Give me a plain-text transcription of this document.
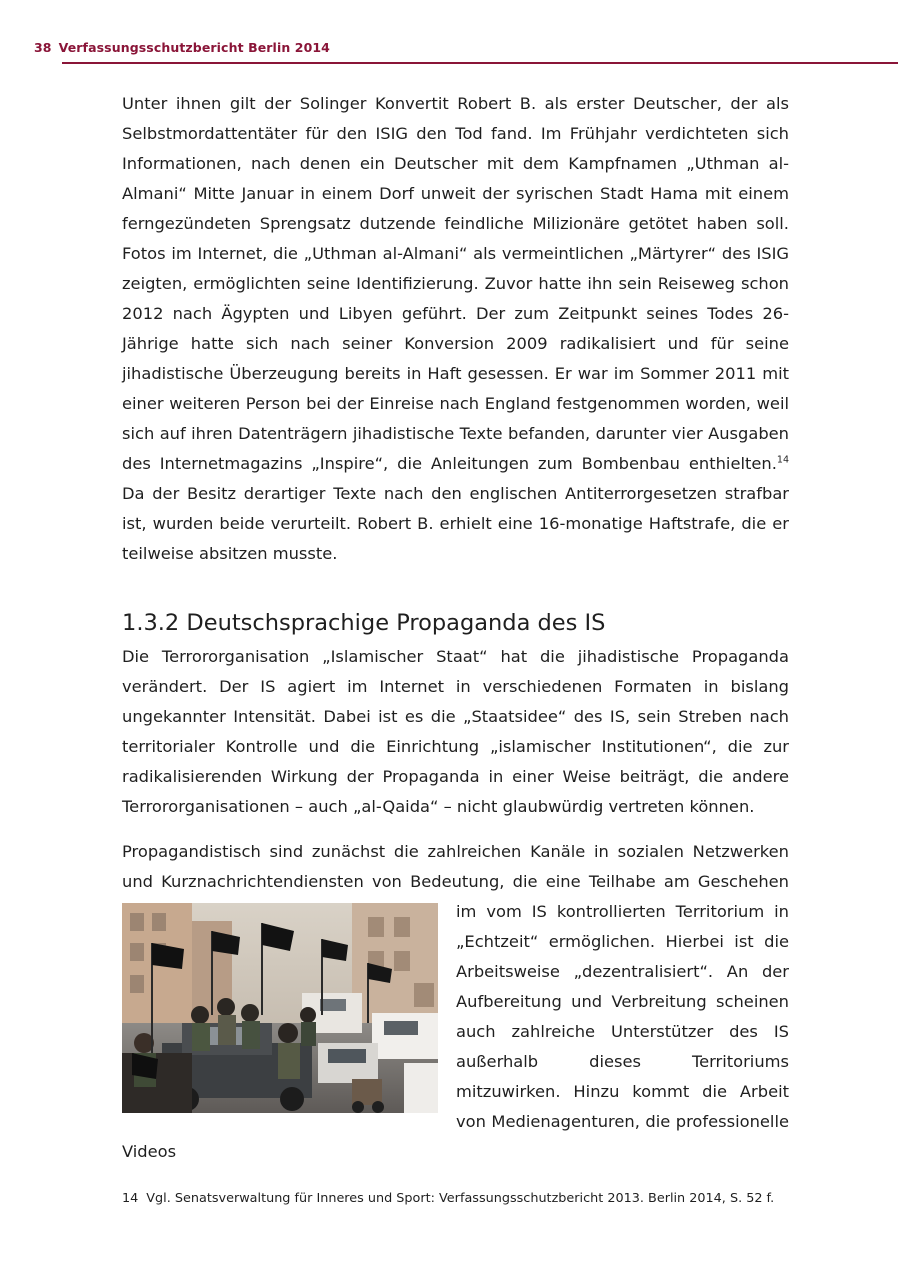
38 Verfassungsschutzbericht Berlin 2014

Unter ihnen gilt der Solinger Konvertit Robert B. als erster Deutscher, der als Selbstmordattentäter für den ISIG den Tod fand. Im Frühjahr verdichteten sich Informationen, nach denen ein Deutscher mit dem Kampfnamen „Uthman al-Almani“ Mitte Januar in einem Dorf unweit der syrischen Stadt Hama mit einem ferngezündeten Sprengsatz dutzende feindliche Milizionäre getötet haben soll. Fotos im Internet, die „Uthman al-Almani“ als vermeintlichen „Märtyrer“ des ISIG zeigten, ermöglichten seine Identifizierung. Zuvor hatte ihn sein Reiseweg schon 2012 nach Ägypten und Libyen geführt. Der zum Zeitpunkt seines Todes 26-Jährige hatte sich nach seiner Konversion 2009 radikalisiert und für seine jihadistische Überzeugung bereits in Haft gesessen. Er war im Sommer 2011 mit einer weiteren Person bei der Einreise nach England festgenommen worden, weil sich auf ihren Datenträgern jihadistische Texte befanden, darunter vier Ausgaben des Internetmagazins „Inspire“, die Anleitungen zum Bombenbau enthielten.$^{14}$ Da der Besitz derartiger Texte nach den englischen Antiterrorgesetzen strafbar ist, wurden beide verurteilt. Robert B. erhielt eine 16-monatige Haftstrafe, die er teilweise absitzen musste.

1.3.2 Deutschsprachige Propaganda des IS

Die Terrororganisation „Islamischer Staat“ hat die jihadistische Propaganda verändert. Der IS agiert im Internet in verschiedenen Formaten in bislang ungekannter Intensität. Dabei ist es die „Staatsidee“ des IS, sein Streben nach territorialer Kontrolle und die Einrichtung „islamischer Institutionen“, die zur radikalisierenden Wirkung der Propaganda in einer Weise beiträgt, die andere Terrororganisationen – auch „al-Qaida“ – nicht glaubwürdig vertreten können.

Propagandistisch sind zunächst die zahlreichen Kanäle in sozialen Netzwerken und Kurznachrichtendiensten von Bedeutung, die eine Teilhabe am Geschehen
im vom IS kontrollierten Territorium in „Echtzeit“ ermöglichen. Hierbei ist die Arbeitsweise „dezentralisiert“. An der Aufbereitung und Verbreitung scheinen auch zahlreiche Unterstützer des IS außerhalb dieses Territoriums mitzuwirken. Hinzu kommt die Arbeit von Medienagenturen, die professionelle Videos
14 Vgl. Senatsverwaltung für Inneres und Sport: Verfassungsschutzbericht 2013. Berlin 2014, S. 52 f.
